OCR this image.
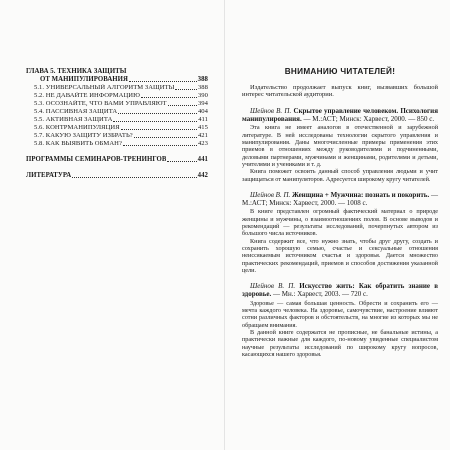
ГЛАВА 5. ТЕХНИКА ЗАЩИТЫ
ОТ МАНИПУЛИРОВАНИЯ	388
5.1. УНИВЕРСАЛЬНЫЙ АЛГОРИТМ ЗАЩИТЫ	388
5.2. НЕ ДАВАЙТЕ ИНФОРМАЦИЮ	390
5.3. ОСОЗНАЙТЕ, ЧТО ВАМИ УПРАВЛЯЮТ	394
5.4. ПАССИВНАЯ ЗАЩИТА	404
5.5. АКТИВНАЯ ЗАЩИТА	411
5.6. КОНТРМАНИПУЛЯЦИЯ	415
5.7. КАКУЮ ЗАЩИТУ ИЗБРАТЬ?	421
5.8. КАК ВЫЯВИТЬ ОБМАН?	423
ПРОГРАММЫ СЕМИНАРОВ-ТРЕНИНГОВ	441
ЛИТЕРАТУРА	442
ВНИМАНИЮ ЧИТАТЕЛЕЙ!

Издательство продолжает выпуск книг, вызвавших большой интерес читательской аудитории.

Шейнов В. П. Скрытое управление человеком. Психология манипулирования. — М.:АСТ; Минск: Харвест, 2000. — 850 с.

Эта книга не имеет аналогов в отечественной и зарубежной литературе. В ней исследованы технологии скрытого управления и манипулирования. Даны многочисленные примеры применения этих приемов в отношениях между руководителями и подчиненными, деловыми партнерами, мужчинами и женщинами, родителями и детьми, учителями и учениками и т. д.

Книга поможет освоить данный способ управления людьми и учит защищаться от манипуляторов. Адресуется широкому кругу читателей.

Шейнов В. П. Женщина + Мужчина: познать и покорить. — М.:АСТ; Минск: Харвест, 2000. — 1008 с.

В книге представлен огромный фактический материал о природе женщины и мужчины, о взаимоотношениях полов. В основе выводов и рекомендаций — результаты исследований, почерпнутых автором из большого числа источников.

Книга содержит все, что нужно знать, чтобы друг другу, создать и сохранить хорошую семью, счастье и сексуальные отношения неиссякаемым источником счастья и здоровья. Дается множество практических рекомендаций, приемов и способов достижения указанной цели.

Шейнов В. П. Искусство жить: Как обратить знание в здоровье. — Мн.: Харвест, 2003. — 720 с.

Здоровье — самая большая ценность. Обрести и сохранить его — мечта каждого человека. На здоровье, самочувствие, настроение влияют сотни различных факторов и обстоятельств, на многие из которых мы не обращаем внимания.

В данной книге содержатся не прописные, не банальные истины, а практически важные для каждого, по-новому увиденные специалистом научные результаты исследований по широкому кругу вопросов, касающихся нашего здоровья.
